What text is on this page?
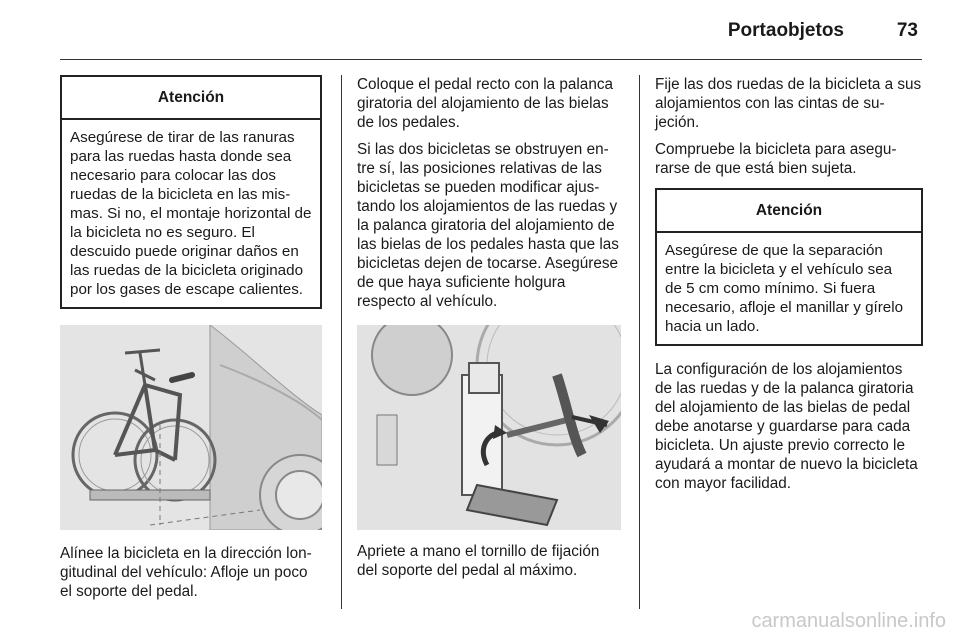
Portaobjetos	73
Atención
Asegúrese de tirar de las ranuras para las ruedas hasta donde sea necesario para colocar las dos ruedas de la bicicleta en las mismas. Si no, el montaje horizontal de la bicicleta no es seguro. El descuido puede originar daños en las ruedas de la bicicleta originado por los gases de escape calientes.

Alínee la bicicleta en la dirección longitudinal del vehículo: Afloje un poco el soporte del pedal.

Coloque el pedal recto con la palanca giratoria del alojamiento de las bielas de los pedales.

Si las dos bicicletas se obstruyen entre sí, las posiciones relativas de las bicicletas se pueden modificar ajustando los alojamientos de las ruedas y la palanca giratoria del alojamiento de las bielas de los pedales hasta que las bicicletas dejen de tocarse. Asegúrese de que haya suficiente holgura respecto al vehículo.

Apriete a mano el tornillo de fijación del soporte del pedal al máximo.

Fije las dos ruedas de la bicicleta a sus alojamientos con las cintas de sujeción.

Compruebe la bicicleta para asegurarse de que está bien sujeta.

Atención
Asegúrese de que la separación entre la bicicleta y el vehículo sea de 5 cm como mínimo. Si fuera necesario, afloje el manillar y gírelo hacia un lado.

La configuración de los alojamientos de las ruedas y de la palanca giratoria del alojamiento de las bielas de pedal debe anotarse y guardarse para cada bicicleta. Un ajuste previo correcto le ayudará a montar de nuevo la bicicleta con mayor facilidad.

carmanualsonline.info
